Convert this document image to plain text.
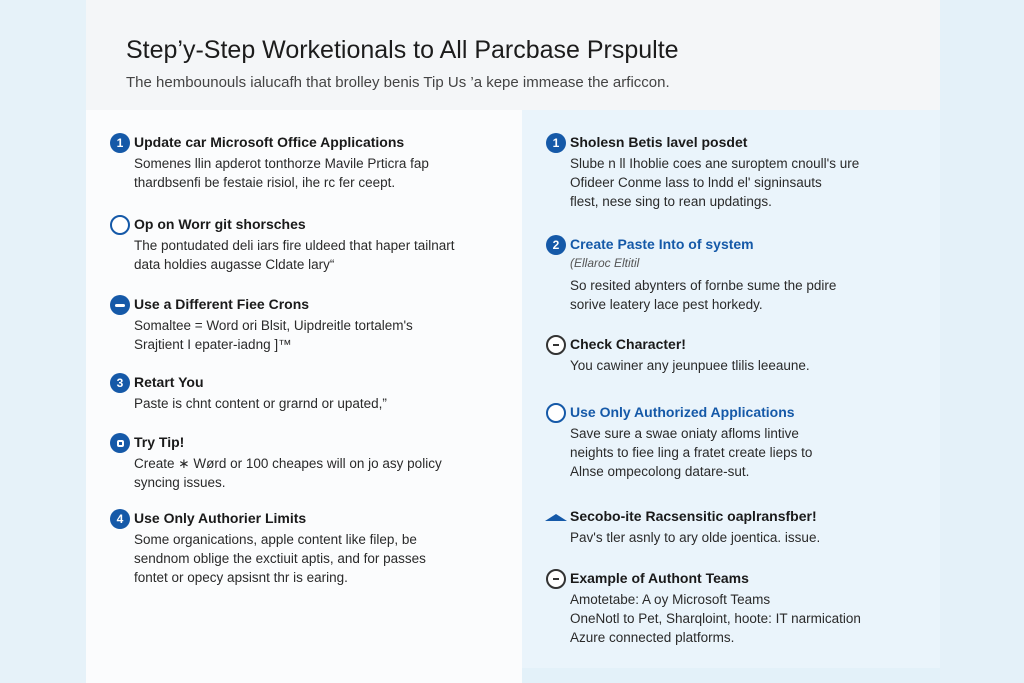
Step’y-Step Worketionals to All Parcbase Prspulte

The hembounouls ialucafh that brolley benis Tip Us ’a kepe immease the arficcon.

1 Update car Microsoft Office Applications
Somenes llin apderot tonthorze Mavile Prticra fap
thardbsenfi be festaie risiol, ihe rc fer ceept.
Op on Worr git shorsches
The pontudated deli iars fire uldeed that haper tailnart
data holdies augasse Cldate lary“
Use a Different Fiee Crons
Somaltee = Word ori Blsit, Uipdreitle tortalem's
Srajtient I epater-iadng ]™
3 Retart You
Paste is chnt content or grarnd or upated,”
Try Tip!
Create ∗ Wørd or 100 cheapes will on jo asy policy
syncing issues.
4 Use Only Authorier Limits
Some organications, apple content like filep, be
sendnom oblige the exctiuit aptis, and for passes
fontet or opecy apsisnt thr is earing.
1 Sholesn Betis lavel posdet
Slube n ll Ihoblie coes ane suroptem cnoull's ure
Ofideer Conme lass to lndd el' signinsauts
flest, nese sing to rean updatings.
2 Create Paste Into of system
(Ellaroc Eltitil
So resited abynters of fornbe sume the pdire
sorive leatery lace pest horkedy.
Check Character!
You cawiner any jeunpuee tlilis leeaune.
Use Only Authorized Applications
Save sure a swae oniaty afloms lintive
neights to fiee ling a fratet create lieps to
Alnse ompecolong datare-sut.
Secobo-ite Racsensitic oaplransfber!
Pav's tler asnly to ary olde joentica. issue.
Example of Authont Teams
Amotetabe: A oy Microsoft Teams
OneNotl to Pet, Sharqloint, hoote: IT narmication
Azure connected platforms.
